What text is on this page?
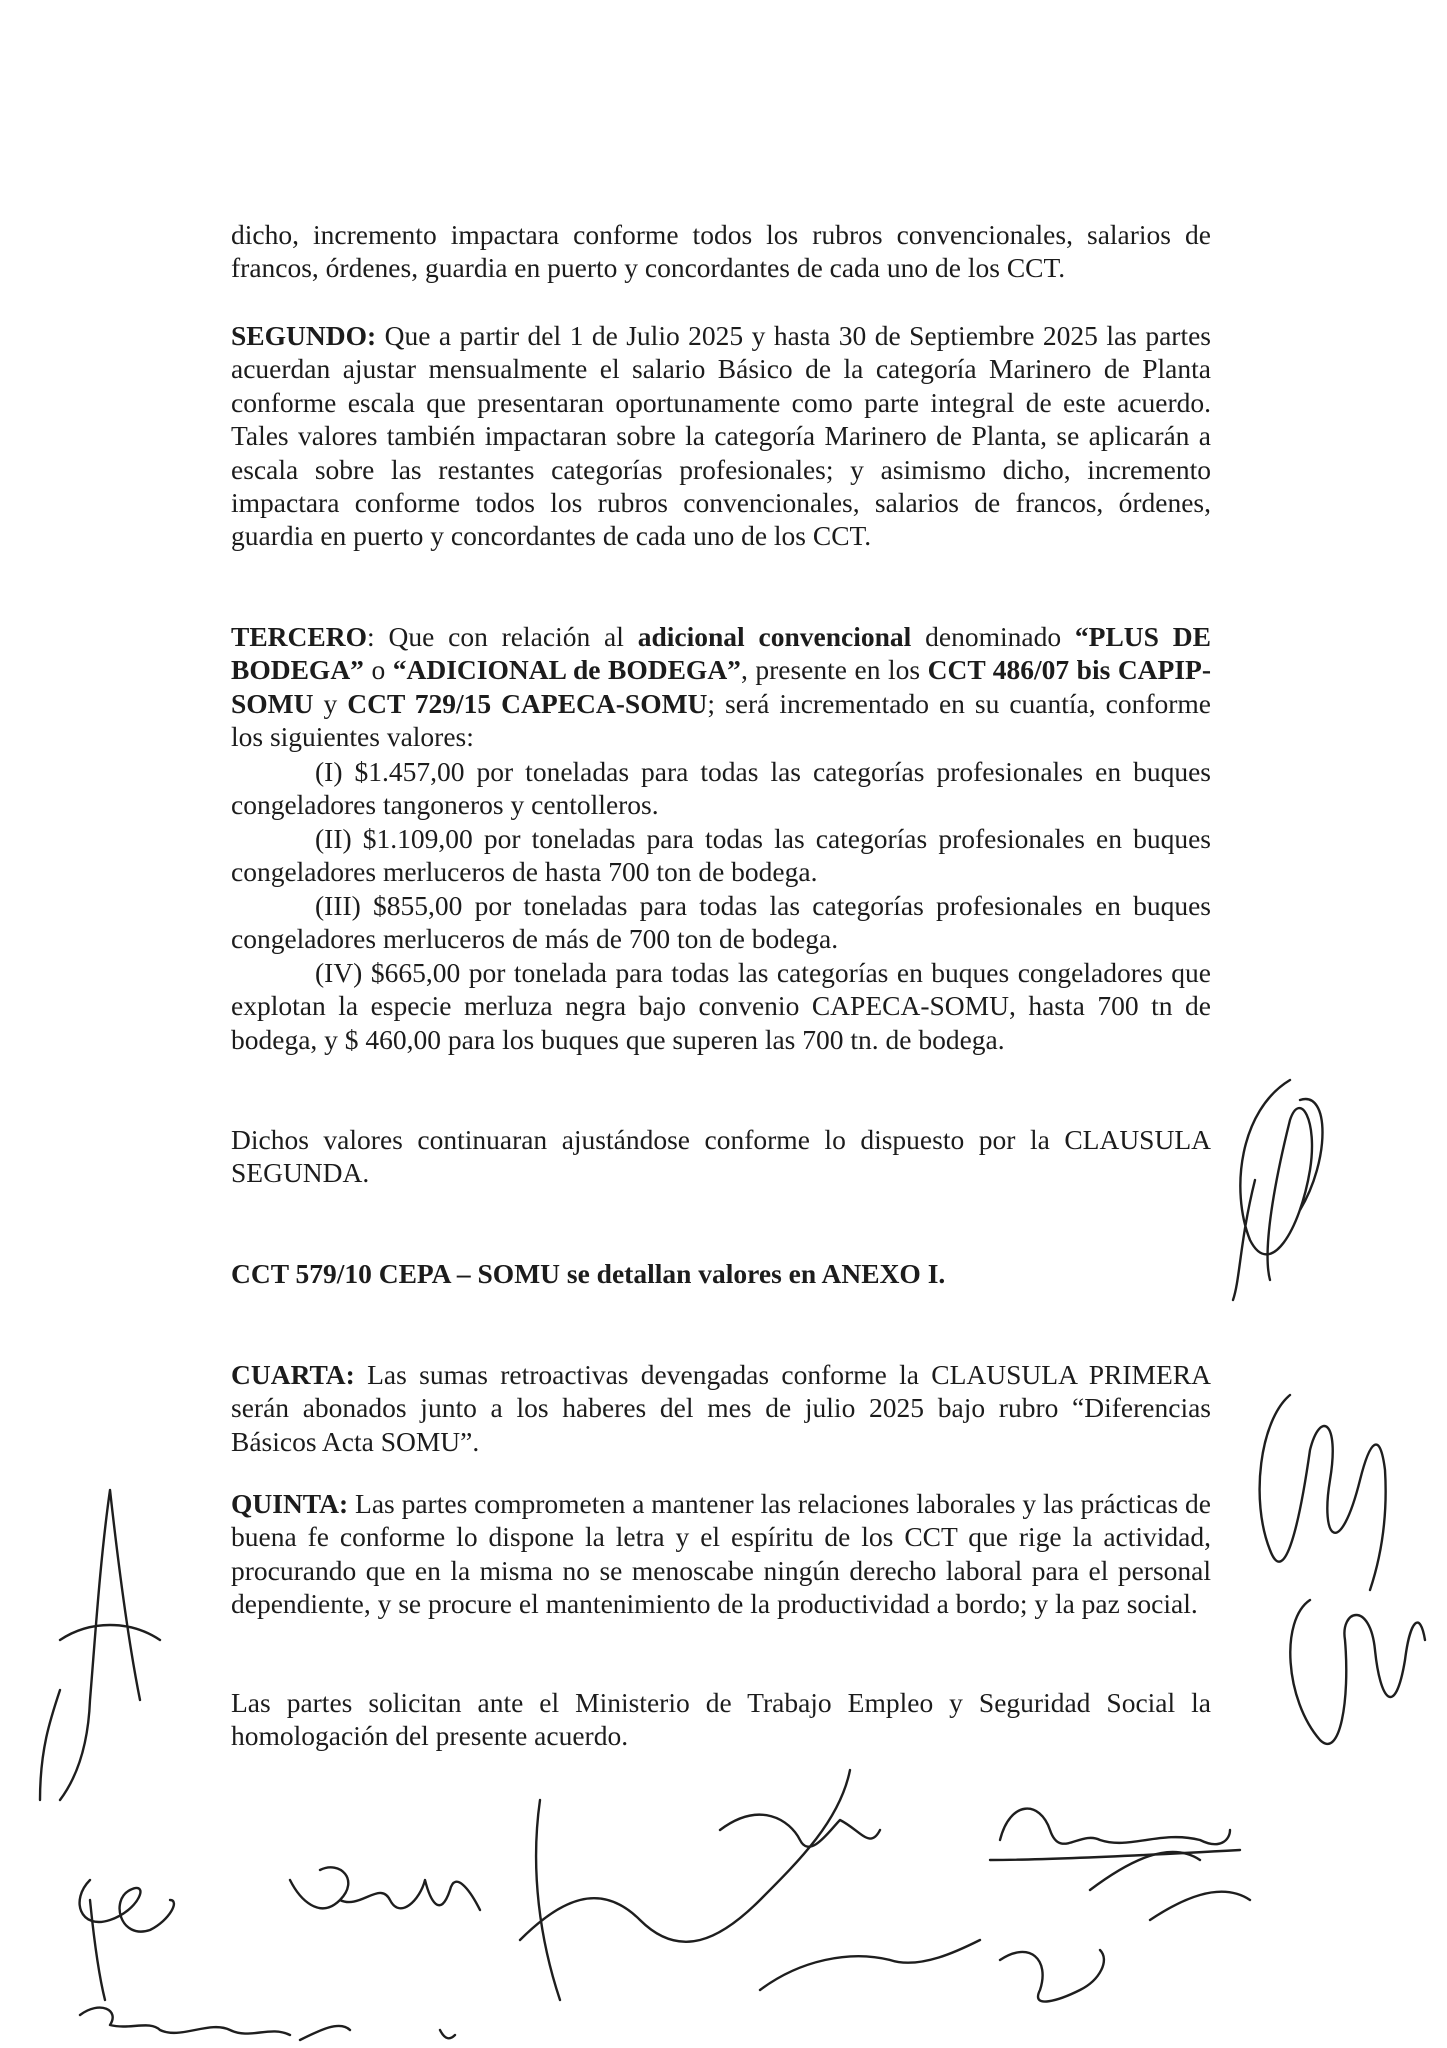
dicho, incremento impactara conforme todos los rubros convencionales, salarios de francos, órdenes, guardia en puerto y concordantes de cada uno de los CCT.

SEGUNDO: Que a partir del 1 de Julio 2025 y hasta 30 de Septiembre 2025 las partes acuerdan ajustar mensualmente el salario Básico de la categoría Marinero de Planta conforme escala que presentaran oportunamente como parte integral de este acuerdo. Tales valores también impactaran sobre la categoría Marinero de Planta, se aplicarán a escala sobre las restantes categorías profesionales; y asimismo dicho, incremento impactara conforme todos los rubros convencionales, salarios de francos, órdenes, guardia en puerto y concordantes de cada uno de los CCT.

TERCERO: Que con relación al adicional convencional denominado “PLUS DE BODEGA” o “ADICIONAL de BODEGA”, presente en los CCT 486/07 bis CAPIP-SOMU y CCT 729/15 CAPECA-SOMU; será incrementado en su cuantía, conforme los siguientes valores:

(I) $1.457,00 por toneladas para todas las categorías profesionales en buques congeladores tangoneros y centolleros.

(II) $1.109,00 por toneladas para todas las categorías profesionales en buques congeladores merluceros de hasta 700 ton de bodega.

(III) $855,00 por toneladas para todas las categorías profesionales en buques congeladores merluceros de más de 700 ton de bodega.

(IV) $665,00 por tonelada para todas las categorías en buques congeladores que explotan la especie merluza negra bajo convenio CAPECA-SOMU, hasta 700 tn de bodega, y $ 460,00 para los buques que superen las 700 tn. de bodega.

Dichos valores continuaran ajustándose conforme lo dispuesto por la CLAUSULA SEGUNDA.

CCT 579/10 CEPA – SOMU se detallan valores en ANEXO I.

CUARTA: Las sumas retroactivas devengadas conforme la CLAUSULA PRIMERA serán abonados junto a los haberes del mes de julio 2025 bajo rubro “Diferencias Básicos Acta SOMU”.

QUINTA: Las partes comprometen a mantener las relaciones laborales y las prácticas de buena fe conforme lo dispone la letra y el espíritu de los CCT que rige la actividad, procurando que en la misma no se menoscabe ningún derecho laboral para el personal dependiente, y se procure el mantenimiento de la productividad a bordo; y la paz social.

Las partes solicitan ante el Ministerio de Trabajo Empleo y Seguridad Social la homologación del presente acuerdo.
